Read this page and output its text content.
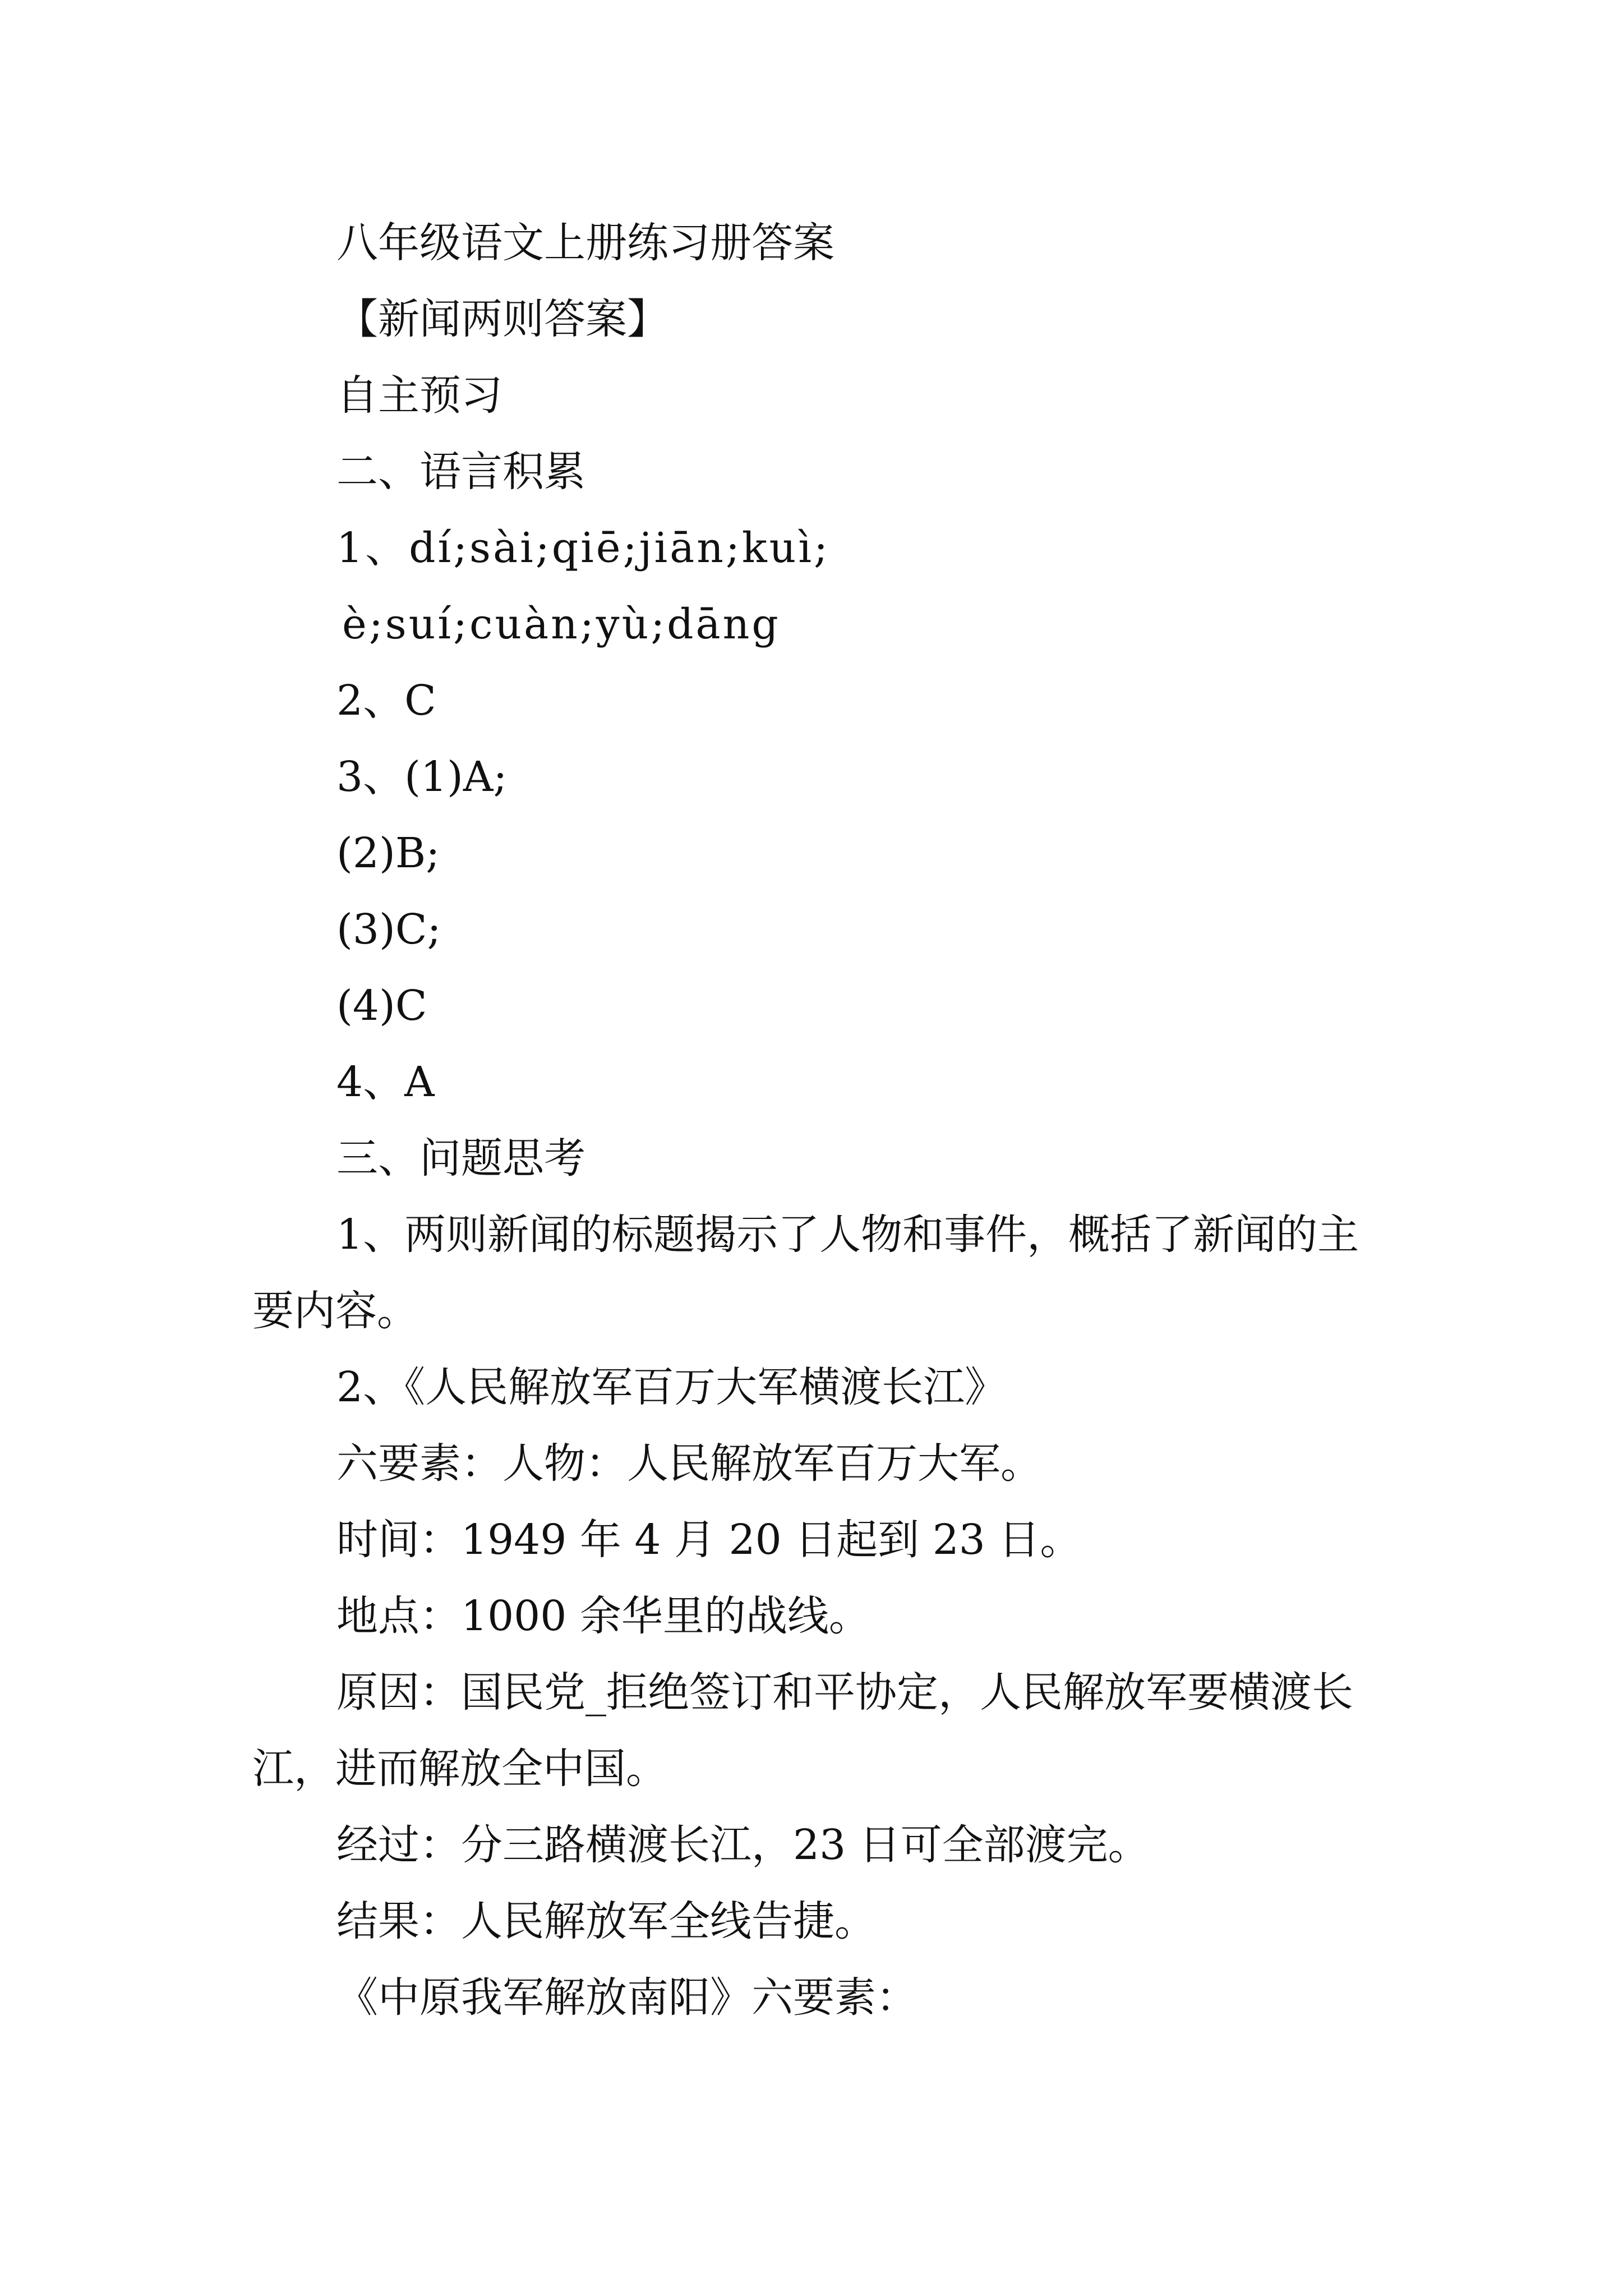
八年级语文上册练习册答案
【新闻两则答案】
自主预习
二、语言积累
1、dí;sài;qiē;jiān;kuì;
è;suí;cuàn;yù;dāng
2、C
3、(1)A;
(2)B;
(3)C;
(4)C
4、A
三、问题思考
1、两则新闻的标题揭示了人物和事件，概括了新闻的主要内容。
2、《人民解放军百万大军横渡长江》
六要素：人物：人民解放军百万大军。
时间：1949 年 4 月 20 日起到 23 日。
地点：1000 余华里的战线。
原因：国民党_拒绝签订和平协定，人民解放军要横渡长江，进而解放全中国。
经过：分三路横渡长江，23 日可全部渡完。
结果：人民解放军全线告捷。
《中原我军解放南阳》六要素：
